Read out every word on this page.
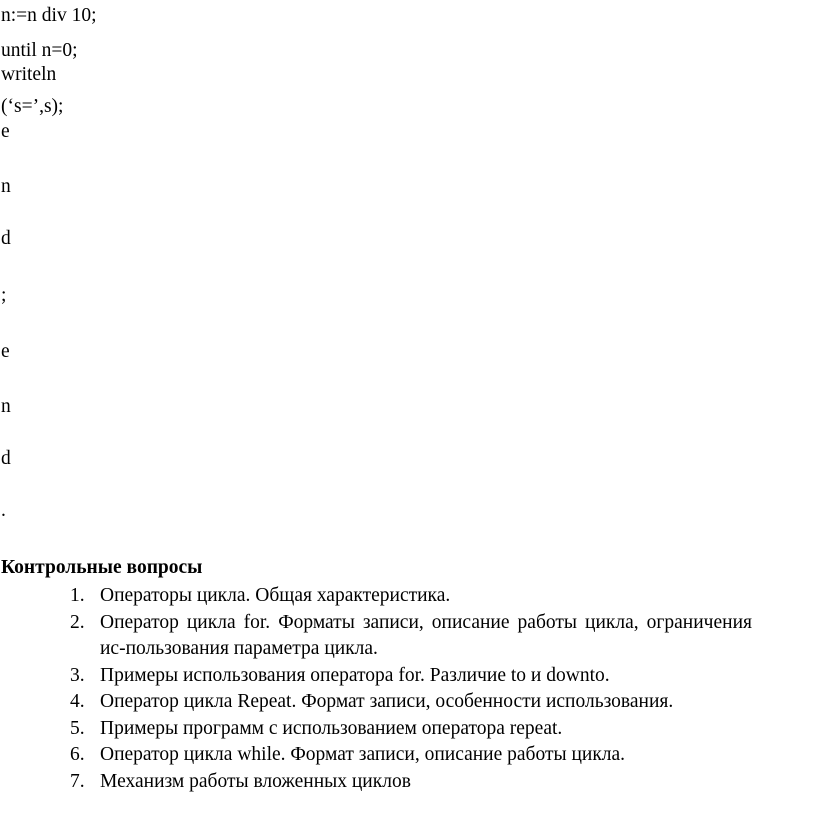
n:=n div 10;
until n=0;
writeln
(‘s=’,s);
e
n
d
;
e
n
d
.
Контрольные вопросы
1. Операторы цикла. Общая характеристика.
2. Оператор цикла for. Форматы записи, описание работы цикла, ограничения ис-пользования параметра цикла.
3. Примеры использования оператора for. Различие to и downto.
4. Оператор цикла Repeat. Формат записи, особенности использования.
5. Примеры программ с использованием оператора repeat.
6. Оператор цикла while. Формат записи, описание работы цикла.
7. Механизм работы вложенных циклов
